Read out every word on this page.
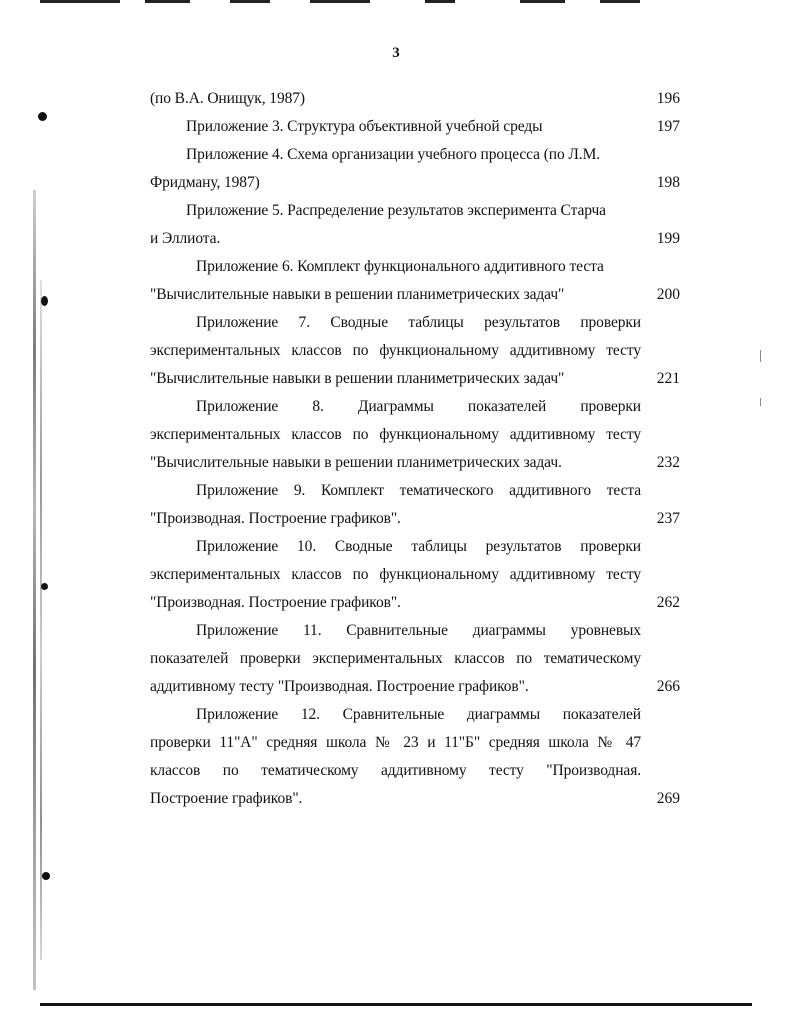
3
(по В.А. Онищук, 1987)	196
Приложение 3. Структура объективной учебной среды	197
Приложение 4. Схема организации учебного процесса (по Л.М.
Фридману, 1987)	198
Приложение 5. Распределение результатов эксперимента Старча
и Эллиота.	199
Приложение 6. Комплект функционального аддитивного теста
"Вычислительные навыки в решении планиметрических задач"	200
Приложение 7. Сводные таблицы результатов проверки
экспериментальных классов по функциональному аддитивному тесту
"Вычислительные навыки в решении планиметрических задач"	221
Приложение 8. Диаграммы показателей проверки
экспериментальных классов по функциональному аддитивному тесту
"Вычислительные навыки в решении планиметрических задач.	232
Приложение 9. Комплект тематического аддитивного теста
"Производная. Построение графиков".	237
Приложение 10. Сводные таблицы результатов проверки
экспериментальных классов по функциональному аддитивному тесту
"Производная. Построение графиков".	262
Приложение 11. Сравнительные диаграммы уровневых
показателей проверки экспериментальных классов по тематическому
аддитивному тесту "Производная. Построение графиков".	266
Приложение 12. Сравнительные диаграммы показателей
проверки 11"А" средняя школа № 23 и 11"Б" средняя школа № 47
классов по тематическому аддитивному тесту "Производная.
Построение графиков".	269
